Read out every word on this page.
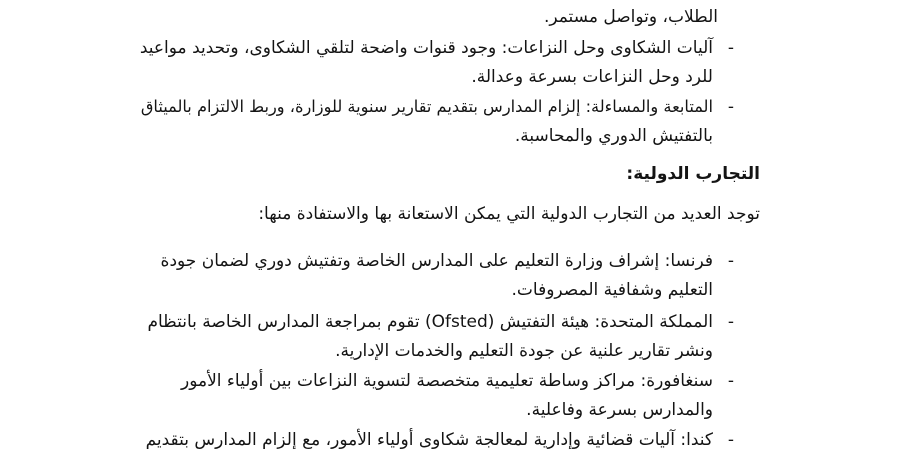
الطلاب، وتواصل مستمر.
-
آليات الشكاوى وحل النزاعات: وجود قنوات واضحة لتلقي الشكاوى، وتحديد مواعيد
للرد وحل النزاعات بسرعة وعدالة.
-
المتابعة والمساءلة: إلزام المدارس بتقديم تقارير سنوية للوزارة، وربط الالتزام بالميثاق
بالتفتيش الدوري والمحاسبة.
التجارب الدولية:
توجد العديد من التجارب الدولية التي يمكن الاستعانة بها والاستفادة منها:
-
فرنسا: إشراف وزارة التعليم على المدارس الخاصة وتفتيش دوري لضمان جودة
التعليم وشفافية المصروفات.
-
المملكة المتحدة: هيئة التفتيش (Ofsted) تقوم بمراجعة المدارس الخاصة بانتظام
ونشر تقارير علنية عن جودة التعليم والخدمات الإدارية.
-
سنغافورة: مراكز وساطة تعليمية متخصصة لتسوية النزاعات بين أولياء الأمور
والمدارس بسرعة وفاعلية.
-
كندا: آليات قضائية وإدارية لمعالجة شكاوى أولياء الأمور، مع إلزام المدارس بتقديم
